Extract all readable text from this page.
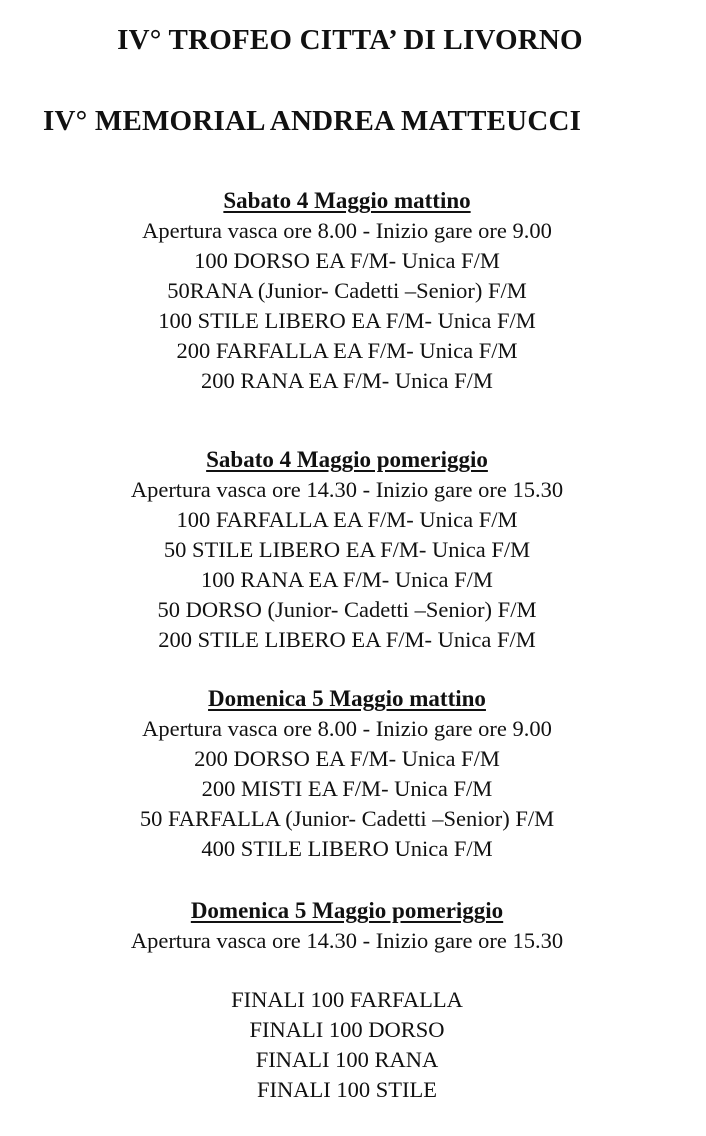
IV° TROFEO CITTA’ DI LIVORNO
IV° MEMORIAL ANDREA MATTEUCCI
Sabato 4 Maggio mattino
Apertura vasca ore 8.00 - Inizio gare ore 9.00
100 DORSO EA F/M- Unica F/M
50RANA (Junior- Cadetti –Senior) F/M
100 STILE LIBERO EA F/M- Unica F/M
200 FARFALLA EA F/M- Unica F/M
200 RANA EA F/M- Unica F/M
Sabato 4 Maggio pomeriggio
Apertura vasca ore 14.30 - Inizio gare ore 15.30
100 FARFALLA EA F/M- Unica F/M
50 STILE LIBERO EA F/M- Unica F/M
100 RANA EA F/M- Unica F/M
50 DORSO (Junior- Cadetti –Senior) F/M
200 STILE LIBERO EA F/M- Unica F/M
Domenica 5 Maggio mattino
Apertura vasca ore 8.00 - Inizio gare ore 9.00
200 DORSO EA F/M- Unica F/M
200 MISTI EA F/M- Unica F/M
50 FARFALLA (Junior- Cadetti –Senior) F/M
400 STILE LIBERO Unica F/M
Domenica 5 Maggio pomeriggio
Apertura vasca ore 14.30 - Inizio gare ore 15.30
FINALI 100 FARFALLA
FINALI 100 DORSO
FINALI 100 RANA
FINALI 100 STILE
